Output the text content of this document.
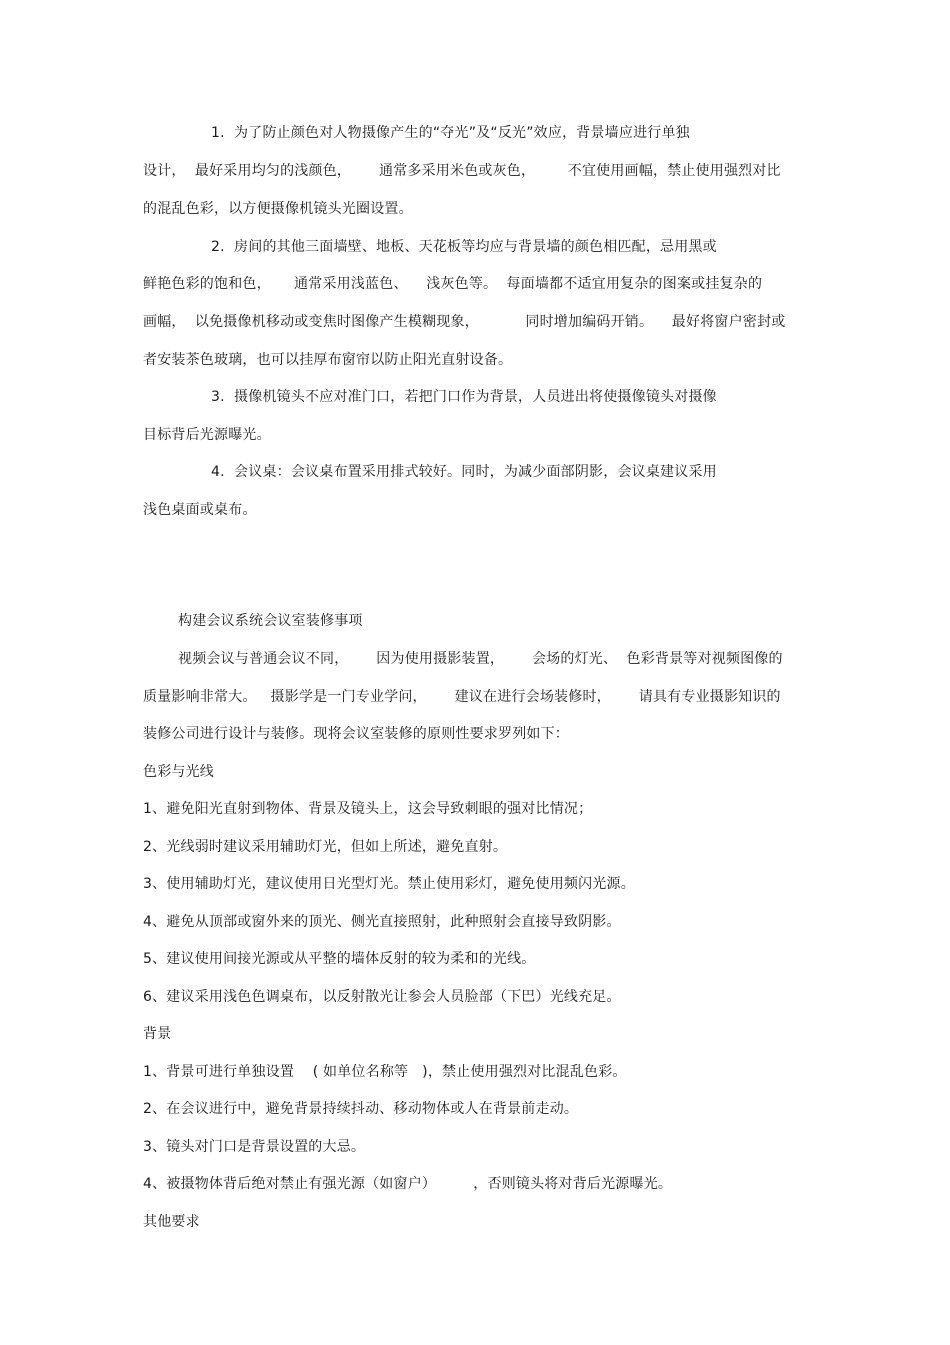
1.  为了防止颜色对人物摄像产生的“夺光”及“反光”效应，背景墙应进行单独
设计，  最好采用均匀的浅颜色，      通常多采用米色或灰色，       不宜使用画幅，禁止使用强烈对比
的混乱色彩，以方便摄像机镜头光圈设置。
2.  房间的其他三面墙壁、地板、天花板等均应与背景墙的颜色相匹配，忌用黑或
鲜艳色彩的饱和色，     通常采用浅蓝色、    浅灰色等。  每面墙都不适宜用复杂的图案或挂复杂的
画幅，  以免摄像机移动或变焦时图像产生模糊现象，          同时增加编码开销。    最好将窗户密封或
者安装茶色玻璃，也可以挂厚布窗帘以防止阳光直射设备。
3.  摄像机镜头不应对准门口，若把门口作为背景，人员进出将使摄像镜头对摄像
目标背后光源曝光。
4.  会议桌：会议桌布置采用排式较好。同时，为减少面部阴影，会议桌建议采用
浅色桌面或桌布。
构建会议系统会议室装修事项
视频会议与普通会议不同，      因为使用摄影装置，      会场的灯光、  色彩背景等对视频图像的
质量影响非常大。   摄影学是一门专业学问，      建议在进行会场装修时，      请具有专业摄影知识的
装修公司进行设计与装修。现将会议室装修的原则性要求罗列如下：
色彩与光线
1、避免阳光直射到物体、背景及镜头上，这会导致刺眼的强对比情况；
2、光线弱时建议采用辅助灯光，但如上所述，避免直射。
3、使用辅助灯光，建议使用日光型灯光。禁止使用彩灯，避免使用频闪光源。
4、避免从顶部或窗外来的顶光、侧光直接照射，此种照射会直接导致阴影。
5、建议使用间接光源或从平整的墙体反射的较为柔和的光线。
6、建议采用浅色色调桌布，以反射散光让参会人员脸部（下巴）光线充足。
背景
1、背景可进行单独设置    ( 如单位名称等   )，禁止使用强烈对比混乱色彩。
2、在会议进行中，避免背景持续抖动、移动物体或人在背景前走动。
3、镜头对门口是背景设置的大忌。
4、被摄物体背后绝对禁止有强光源（如窗户）        ，否则镜头将对背后光源曝光。
其他要求
